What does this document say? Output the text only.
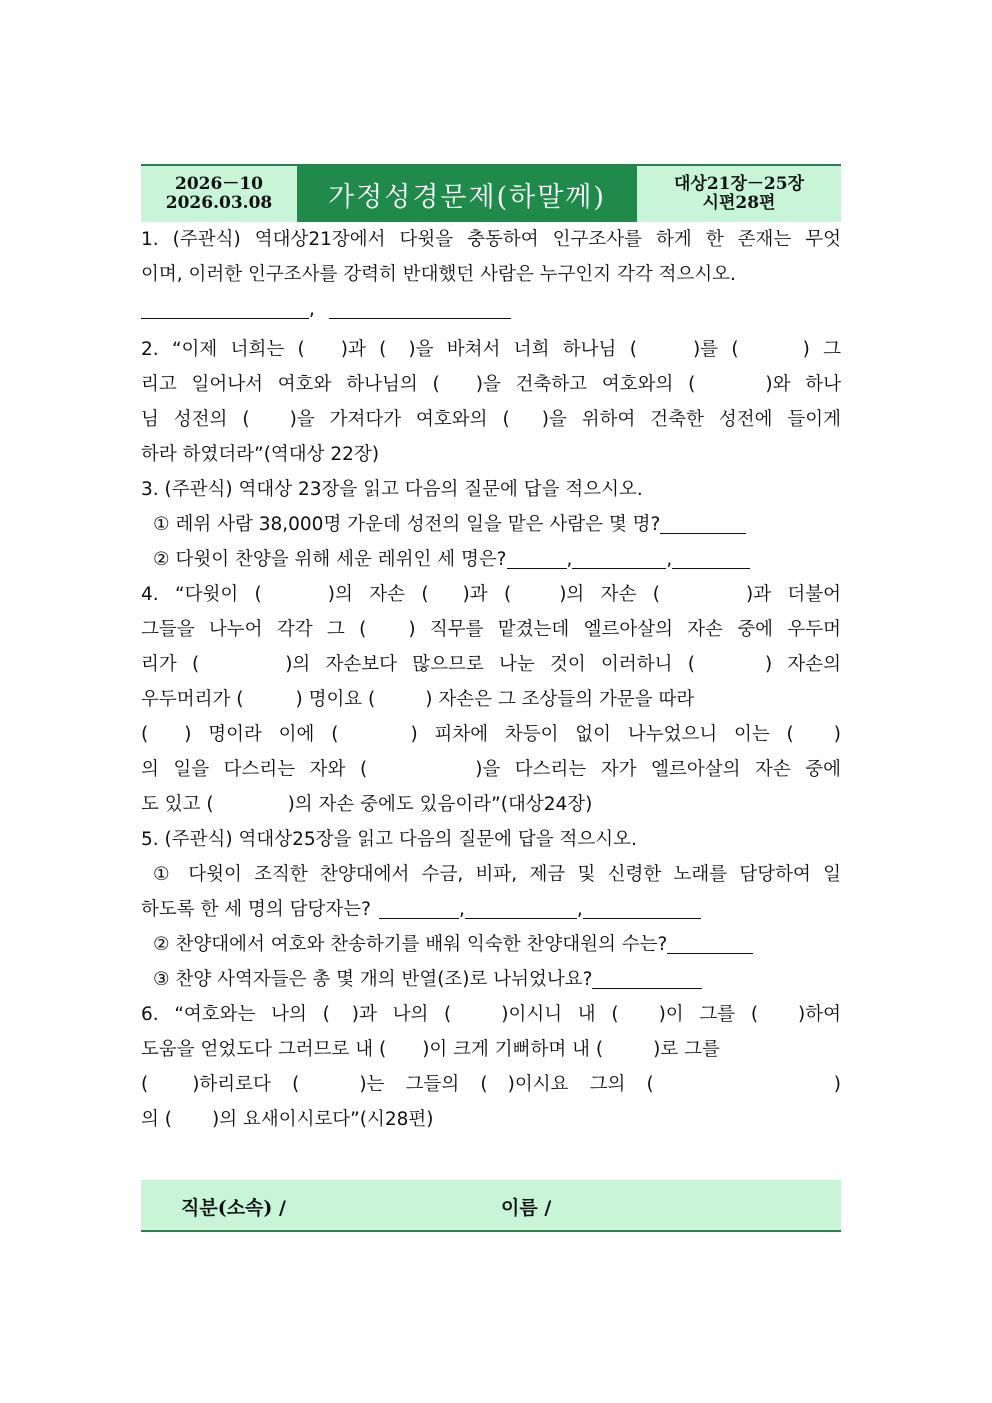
2026－10
2026.03.08	가정성경문제(하말께)	대상21장－25장
시편28편

1. (주관식) 역대상21장에서 다윗을 충동하여 인구조사를 하게 한 존재는 무엇

이며, 이러한 인구조사를 강력히 반대했던 사람은 누구인지 각각 적으시오.

,

2. “이제 너희는 ( )과 ( )을 바쳐서 너희 하나님 (	)를 (	) 그

리고 일어나서 여호와 하나님의 ( )을 건축하고 여호와의 (	)와 하나

님 성전의 ( )을 가져다가 여호와의 ( )을 위하여 건축한 성전에 들이게

하라 하였더라”(역대상 22장)

3. (주관식) 역대상 23장을 읽고 다음의 질문에 답을 적으시오.

① 레위 사람 38,000명 가운데 성전의 일을 맡은 사람은 몇 명?

② 다윗이 찬양을 위해 세운 레위인 세 명은?	,	,

4. “다윗이 (	)의 자손 ( )과 (	)의 자손 (	)과 더불어

그들을 나누어 각각 그 ( ) 직무를 맡겼는데 엘르아살의 자손 중에 우두머

리가 (	)의 자손보다 많으므로 나눈 것이 이러하니 (	) 자손의

우두머리가 (	) 명이요 (	) 자손은 그 조상들의 가문을 따라

( ) 명이라 이에 (	) 피차에 차등이 없이 나누었으니 이는 ( )

의 일을 다스리는 자와 (	)을 다스리는 자가 엘르아살의 자손 중에

도 있고 (	)의 자손 중에도 있음이라”(대상24장)

5. (주관식) 역대상25장을 읽고 다음의 질문에 답을 적으시오.

① 다윗이 조직한 찬양대에서 수금, 비파, 제금 및 신령한 노래를 담당하여 일

하도록 한 세 명의 담당자는?	,	,

② 찬양대에서 여호와 찬송하기를 배워 익숙한 찬양대원의 수는?

③ 찬양 사역자들은 총 몇 개의 반열(조)로 나뉘었나요?

6. “여호와는 나의 ( )과 나의 (	)이시니 내 ( )이 그를 ( )하여

도움을 얻었도다 그러므로 내 ( )이 크게 기뻐하며 내 (	)로 그를

( )하리로다 (	)는 그들의 ( )이시요 그의 (	)

의 ( )의 요새이시로다”(시28편)

직분(소속) /	이름 /
